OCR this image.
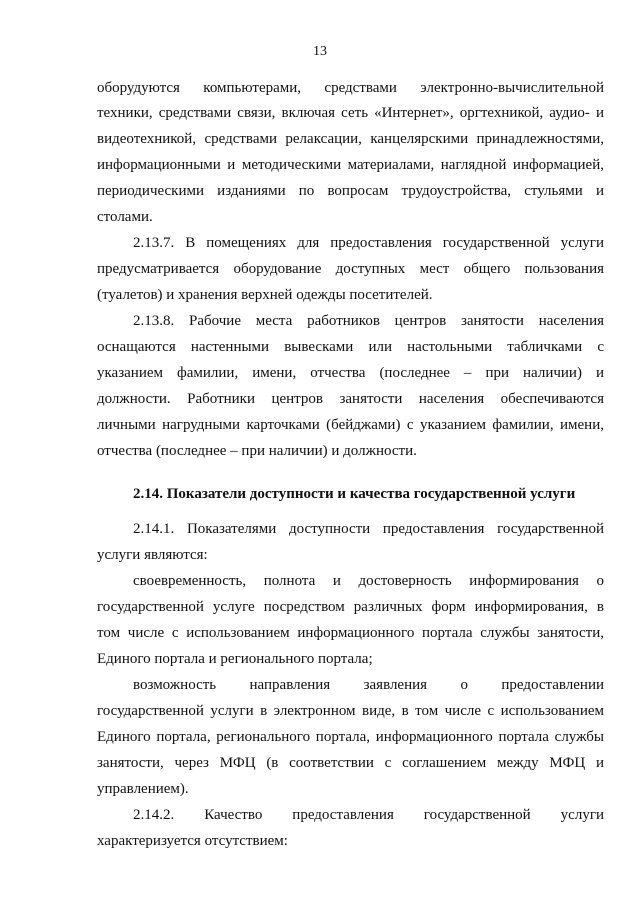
13
оборудуются компьютерами, средствами электронно-вычислительной
техники, средствами связи, включая сеть «Интернет», оргтехникой, аудио- и
видеотехникой, средствами релаксации, канцелярскими принадлежностями,
информационными и методическими материалами, наглядной информацией,
периодическими изданиями по вопросам трудоустройства, стульями и
столами.
2.13.7. В помещениях для предоставления государственной услуги
предусматривается оборудование доступных мест общего пользования
(туалетов) и хранения верхней одежды посетителей.
2.13.8. Рабочие места работников центров занятости населения
оснащаются настенными вывесками или настольными табличками с
указанием фамилии, имени, отчества (последнее – при наличии) и
должности. Работники центров занятости населения обеспечиваются
личными нагрудными карточками (бейджами) с указанием фамилии, имени,
отчества (последнее – при наличии) и должности.
2.14. Показатели доступности и качества государственной услуги
2.14.1. Показателями доступности предоставления государственной
услуги являются:
своевременность, полнота и достоверность информирования о
государственной услуге посредством различных форм информирования, в
том числе с использованием информационного портала службы занятости,
Единого портала и регионального портала;
возможность направления заявления о предоставлении
государственной услуги в электронном виде, в том числе с использованием
Единого портала, регионального портала, информационного портала службы
занятости, через МФЦ (в соответствии с соглашением между МФЦ и
управлением).
2.14.2. Качество предоставления государственной услуги
характеризуется отсутствием:
